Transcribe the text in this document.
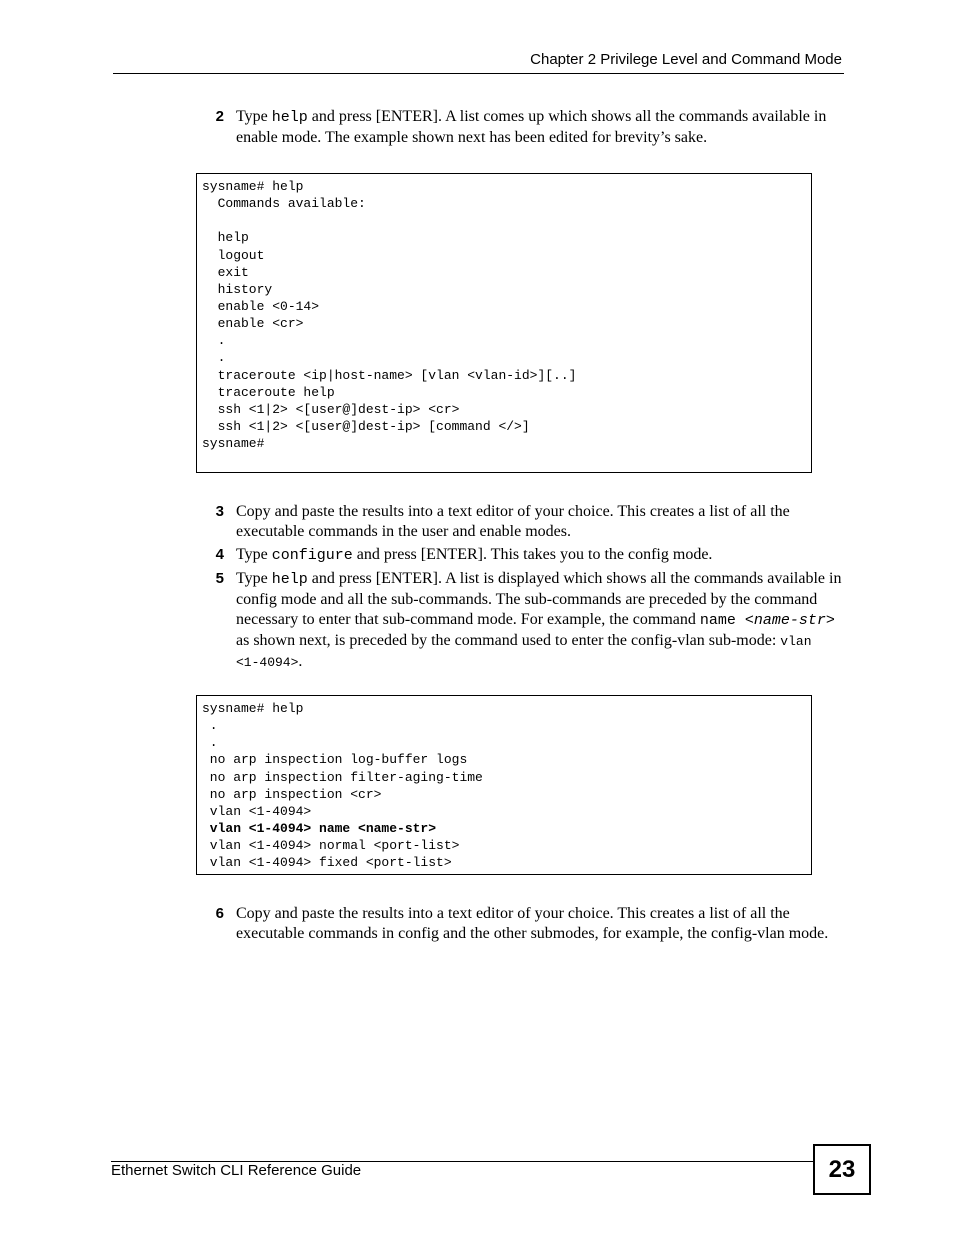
Chapter 2 Privilege Level and Command Mode
2 Type help and press [ENTER]. A list comes up which shows all the commands available in enable mode. The example shown next has been edited for brevity’s sake.
sysname# help
Commands available:
help
logout
exit
history
enable <0-14>
enable <cr>
.
.
traceroute <ip|host-name> [vlan <vlan-id>][..]
traceroute help
ssh <1|2> <[user@]dest-ip> <cr>
ssh <1|2> <[user@]dest-ip> [command </>]
sysname#
3 Copy and paste the results into a text editor of your choice. This creates a list of all the executable commands in the user and enable modes.
4 Type configure and press [ENTER]. This takes you to the config mode.
5 Type help and press [ENTER]. A list is displayed which shows all the commands available in config mode and all the sub-commands. The sub-commands are preceded by the command necessary to enter that sub-command mode. For example, the command name <name-str> as shown next, is preceded by the command used to enter the config-vlan sub-mode: vlan <1-4094>.
sysname# help
.
.
no arp inspection log-buffer logs
no arp inspection filter-aging-time
no arp inspection <cr>
vlan <1-4094>
vlan <1-4094> name <name-str>
vlan <1-4094> normal <port-list>
vlan <1-4094> fixed <port-list>
6 Copy and paste the results into a text editor of your choice. This creates a list of all the executable commands in config and the other submodes, for example, the config-vlan mode.
Ethernet Switch CLI Reference Guide	23
